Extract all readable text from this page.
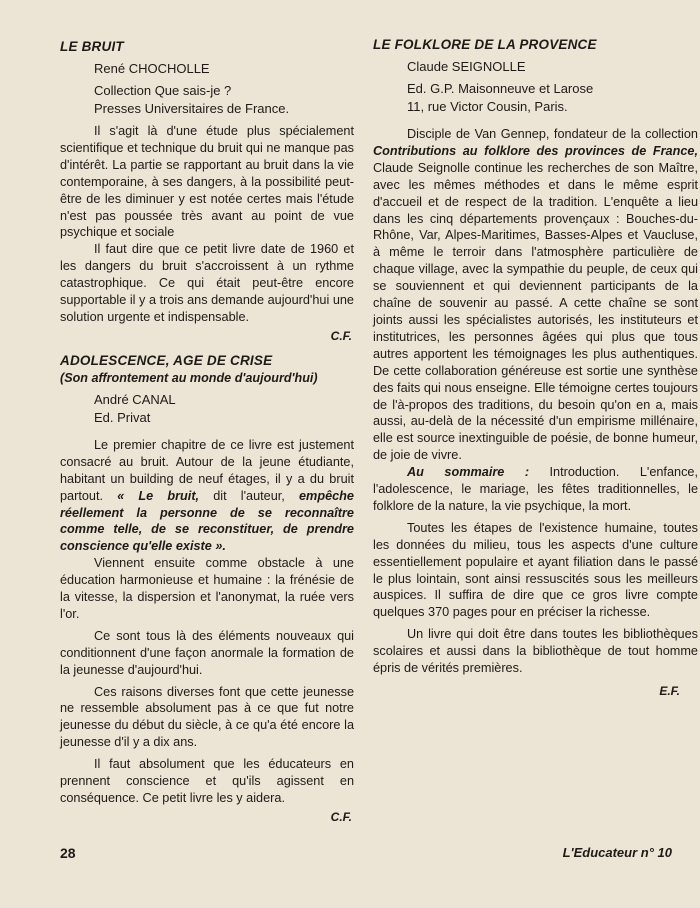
LE BRUIT
René CHOCHOLLE
Collection Que sais-je ?
Presses Universitaires de France.

Il s'agit là d'une étude plus spécialement scientifique et technique du bruit qui ne manque pas d'intérêt. La partie se rapportant au bruit dans la vie contemporaine, à ses dangers, à la possibilité peut-être de les diminuer y est notée certes mais l'étude n'est pas poussée très avant au point de vue psychique et sociale

Il faut dire que ce petit livre date de 1960 et les dangers du bruit s'accroissent à un rythme catastrophique. Ce qui était peut-être encore supportable il y a trois ans demande aujourd'hui une solution urgente et indispensable.

C.F.
ADOLESCENCE, AGE DE CRISE
(Son affrontement au monde d'aujourd'hui)
André CANAL
Ed. Privat

Le premier chapitre de ce livre est justement consacré au bruit. Autour de la jeune étudiante, habitant un building de neuf étages, il y a du bruit partout. « Le bruit, dit l'auteur, empêche réellement la personne de se reconnaître comme telle, de se reconstituer, de prendre conscience qu'elle existe ».

Viennent ensuite comme obstacle à une éducation harmonieuse et humaine : la frénésie de la vitesse, la dispersion et l'anonymat, la ruée vers l'or.

Ce sont tous là des éléments nouveaux qui conditionnent d'une façon anormale la formation de la jeunesse d'aujourd'hui.

Ces raisons diverses font que cette jeunesse ne ressemble absolument pas à ce que fut notre jeunesse du début du siècle, à ce qu'a été encore la jeunesse d'il y a dix ans.

Il faut absolument que les éducateurs en prennent conscience et qu'ils agissent en conséquence. Ce petit livre les y aidera.

C.F.
LE FOLKLORE DE LA PROVENCE
Claude SEIGNOLLE
Ed. G.P. Maisonneuve et Larose
11, rue Victor Cousin, Paris.

Disciple de Van Gennep, fondateur de la collection Contributions au folklore des provinces de France, Claude Seignolle continue les recherches de son Maître, avec les mêmes méthodes et dans le même esprit d'accueil et de respect de la tradition. L'enquête a lieu dans les cinq départements provençaux : Bouches-du-Rhône, Var, Alpes-Maritimes, Basses-Alpes et Vaucluse, à même le terroir dans l'atmosphère particulière de chaque village, avec la sympathie du peuple, de ceux qui se souviennent et qui deviennent participants de la chaîne de souvenir au passé. A cette chaîne se sont joints aussi les spécialistes autorisés, les instituteurs et institutrices, les personnes âgées qui plus que tous autres apportent les témoignages les plus authentiques. De cette collaboration généreuse est sortie une synthèse des faits qui nous enseigne. Elle témoigne certes toujours de l'à-propos des traditions, du besoin qu'on en a, mais aussi, au-delà de la nécessité d'un empirisme millénaire, elle est source inextinguible de poésie, de bonne humeur, de joie de vivre.

Au sommaire : Introduction. L'enfance, l'adolescence, le mariage, les fêtes traditionnelles, le folklore de la nature, la vie psychique, la mort.

Toutes les étapes de l'existence humaine, toutes les données du milieu, tous les aspects d'une culture essentiellement populaire et ayant filiation dans le passé le plus lointain, sont ainsi ressuscités sous les meilleurs auspices. Il suffira de dire que ce gros livre compte quelques 370 pages pour en préciser la richesse.

Un livre qui doit être dans toutes les bibliothèques scolaires et aussi dans la bibliothèque de tout homme épris de vérités premières.

E.F.
28	L'Educateur n° 10
